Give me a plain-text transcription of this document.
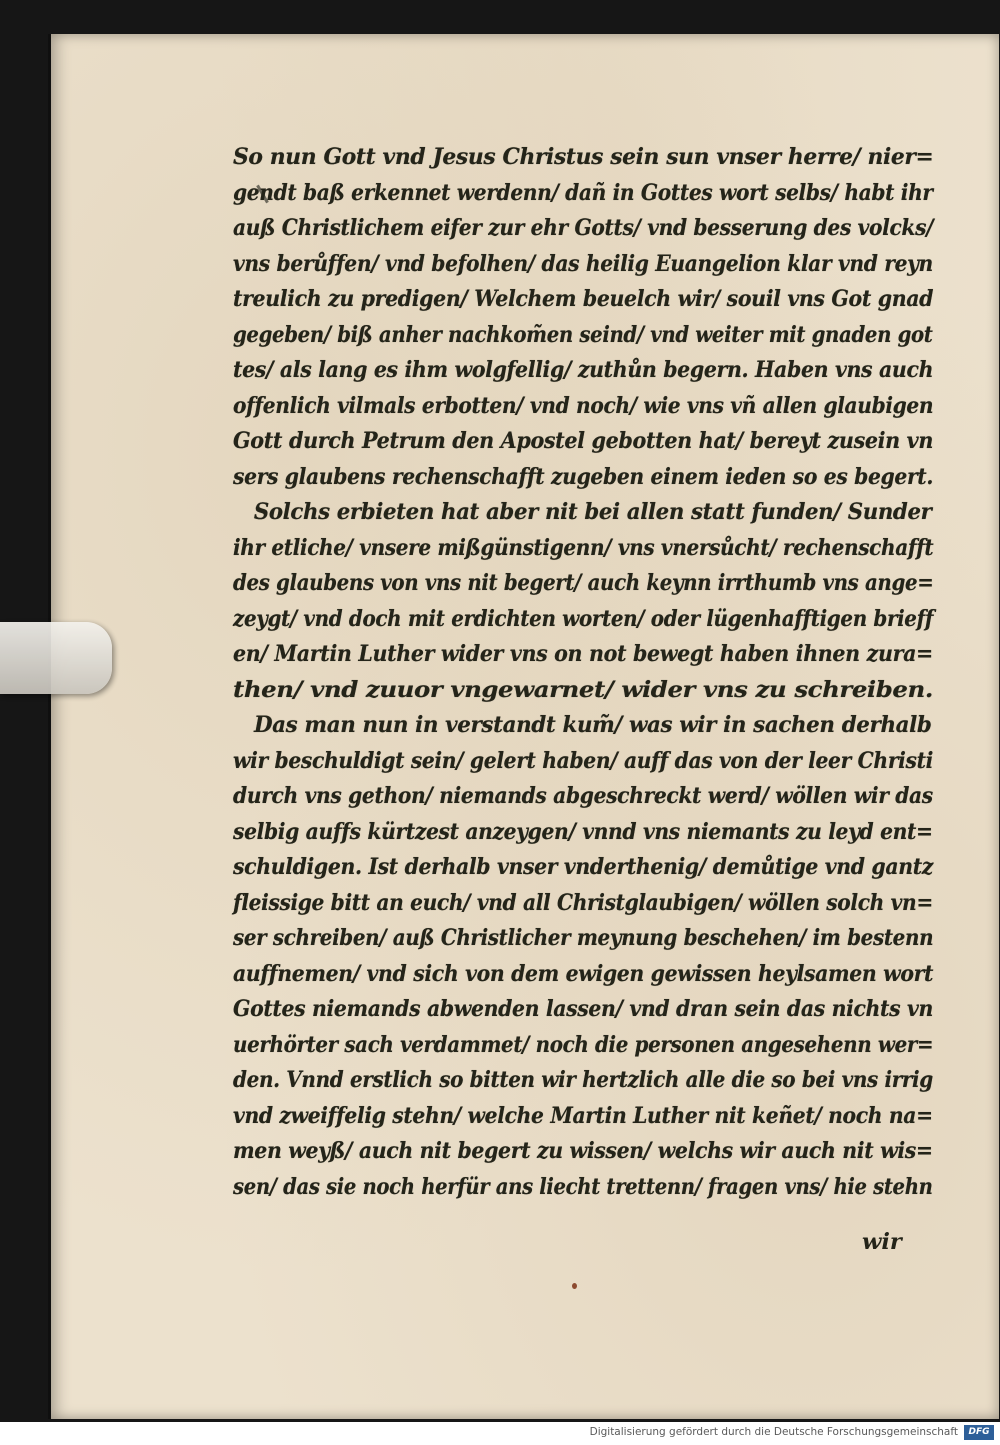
So nun Gott vnd Jesus Christus sein sun vnser herre/ nier=
gendt baß erkennet werdenn/ dañ in Gottes wort selbs/ habt ihr
auß Christlichem eifer zur ehr Gotts/ vnd besserung des volcks/
vns berůffen/ vnd befolhen/ das heilig Euangelion klar vnd reyn
treulich zu predigen/ Welchem beuelch wir/ souil vns Got gnad
gegeben/ biß anher nachkom̃en seind/ vnd weiter mit gnaden got
tes/ als lang es ihm wolgfellig/ zuthůn begern. Haben vns auch
offenlich vilmals erbotten/ vnd noch/ wie vns vñ allen glaubigen
Gott durch Petrum den Apostel gebotten hat/ bereyt zusein vn
sers glaubens rechenschafft zugeben einem ieden so es begert.
Solchs erbieten hat aber nit bei allen statt funden/ Sunder
ihr etliche/ vnsere mißgünstigenn/ vns vnersůcht/ rechenschafft
des glaubens von vns nit begert/ auch keynn irrthumb vns ange=
zeygt/ vnd doch mit erdichten worten/ oder lügenhafftigen brieff
en/ Martin Luther wider vns on not bewegt haben ihnen zura=
then/ vnd zuuor vngewarnet/ wider vns zu schreiben.
Das man nun in verstandt kum̃/ was wir in sachen derhalb
wir beschuldigt sein/ gelert haben/ auff das von der leer Christi
durch vns gethon/ niemands abgeschreckt werd/ wöllen wir das
selbig auffs kürtzest anzeygen/ vnnd vns niemants zu leyd ent=
schuldigen. Ist derhalb vnser vnderthenig/ demůtige vnd gantz
fleissige bitt an euch/ vnd all Christglaubigen/ wöllen solch vn=
ser schreiben/ auß Christlicher meynung beschehen/ im bestenn
auffnemen/ vnd sich von dem ewigen gewissen heylsamen wort
Gottes niemands abwenden lassen/ vnd dran sein das nichts vn
uerhörter sach verdammet/ noch die personen angesehenn wer=
den. Vnnd erstlich so bitten wir hertzlich alle die so bei vns irrig
vnd zweiffelig stehn/ welche Martin Luther nit keñet/ noch na=
men weyß/ auch nit begert zu wissen/ welchs wir auch nit wis=
sen/ das sie noch herfür ans liecht trettenn/ fragen vns/ hie stehn
wir
Digitalisierung gefördert durch die Deutsche Forschungsgemeinschaft	DFG
